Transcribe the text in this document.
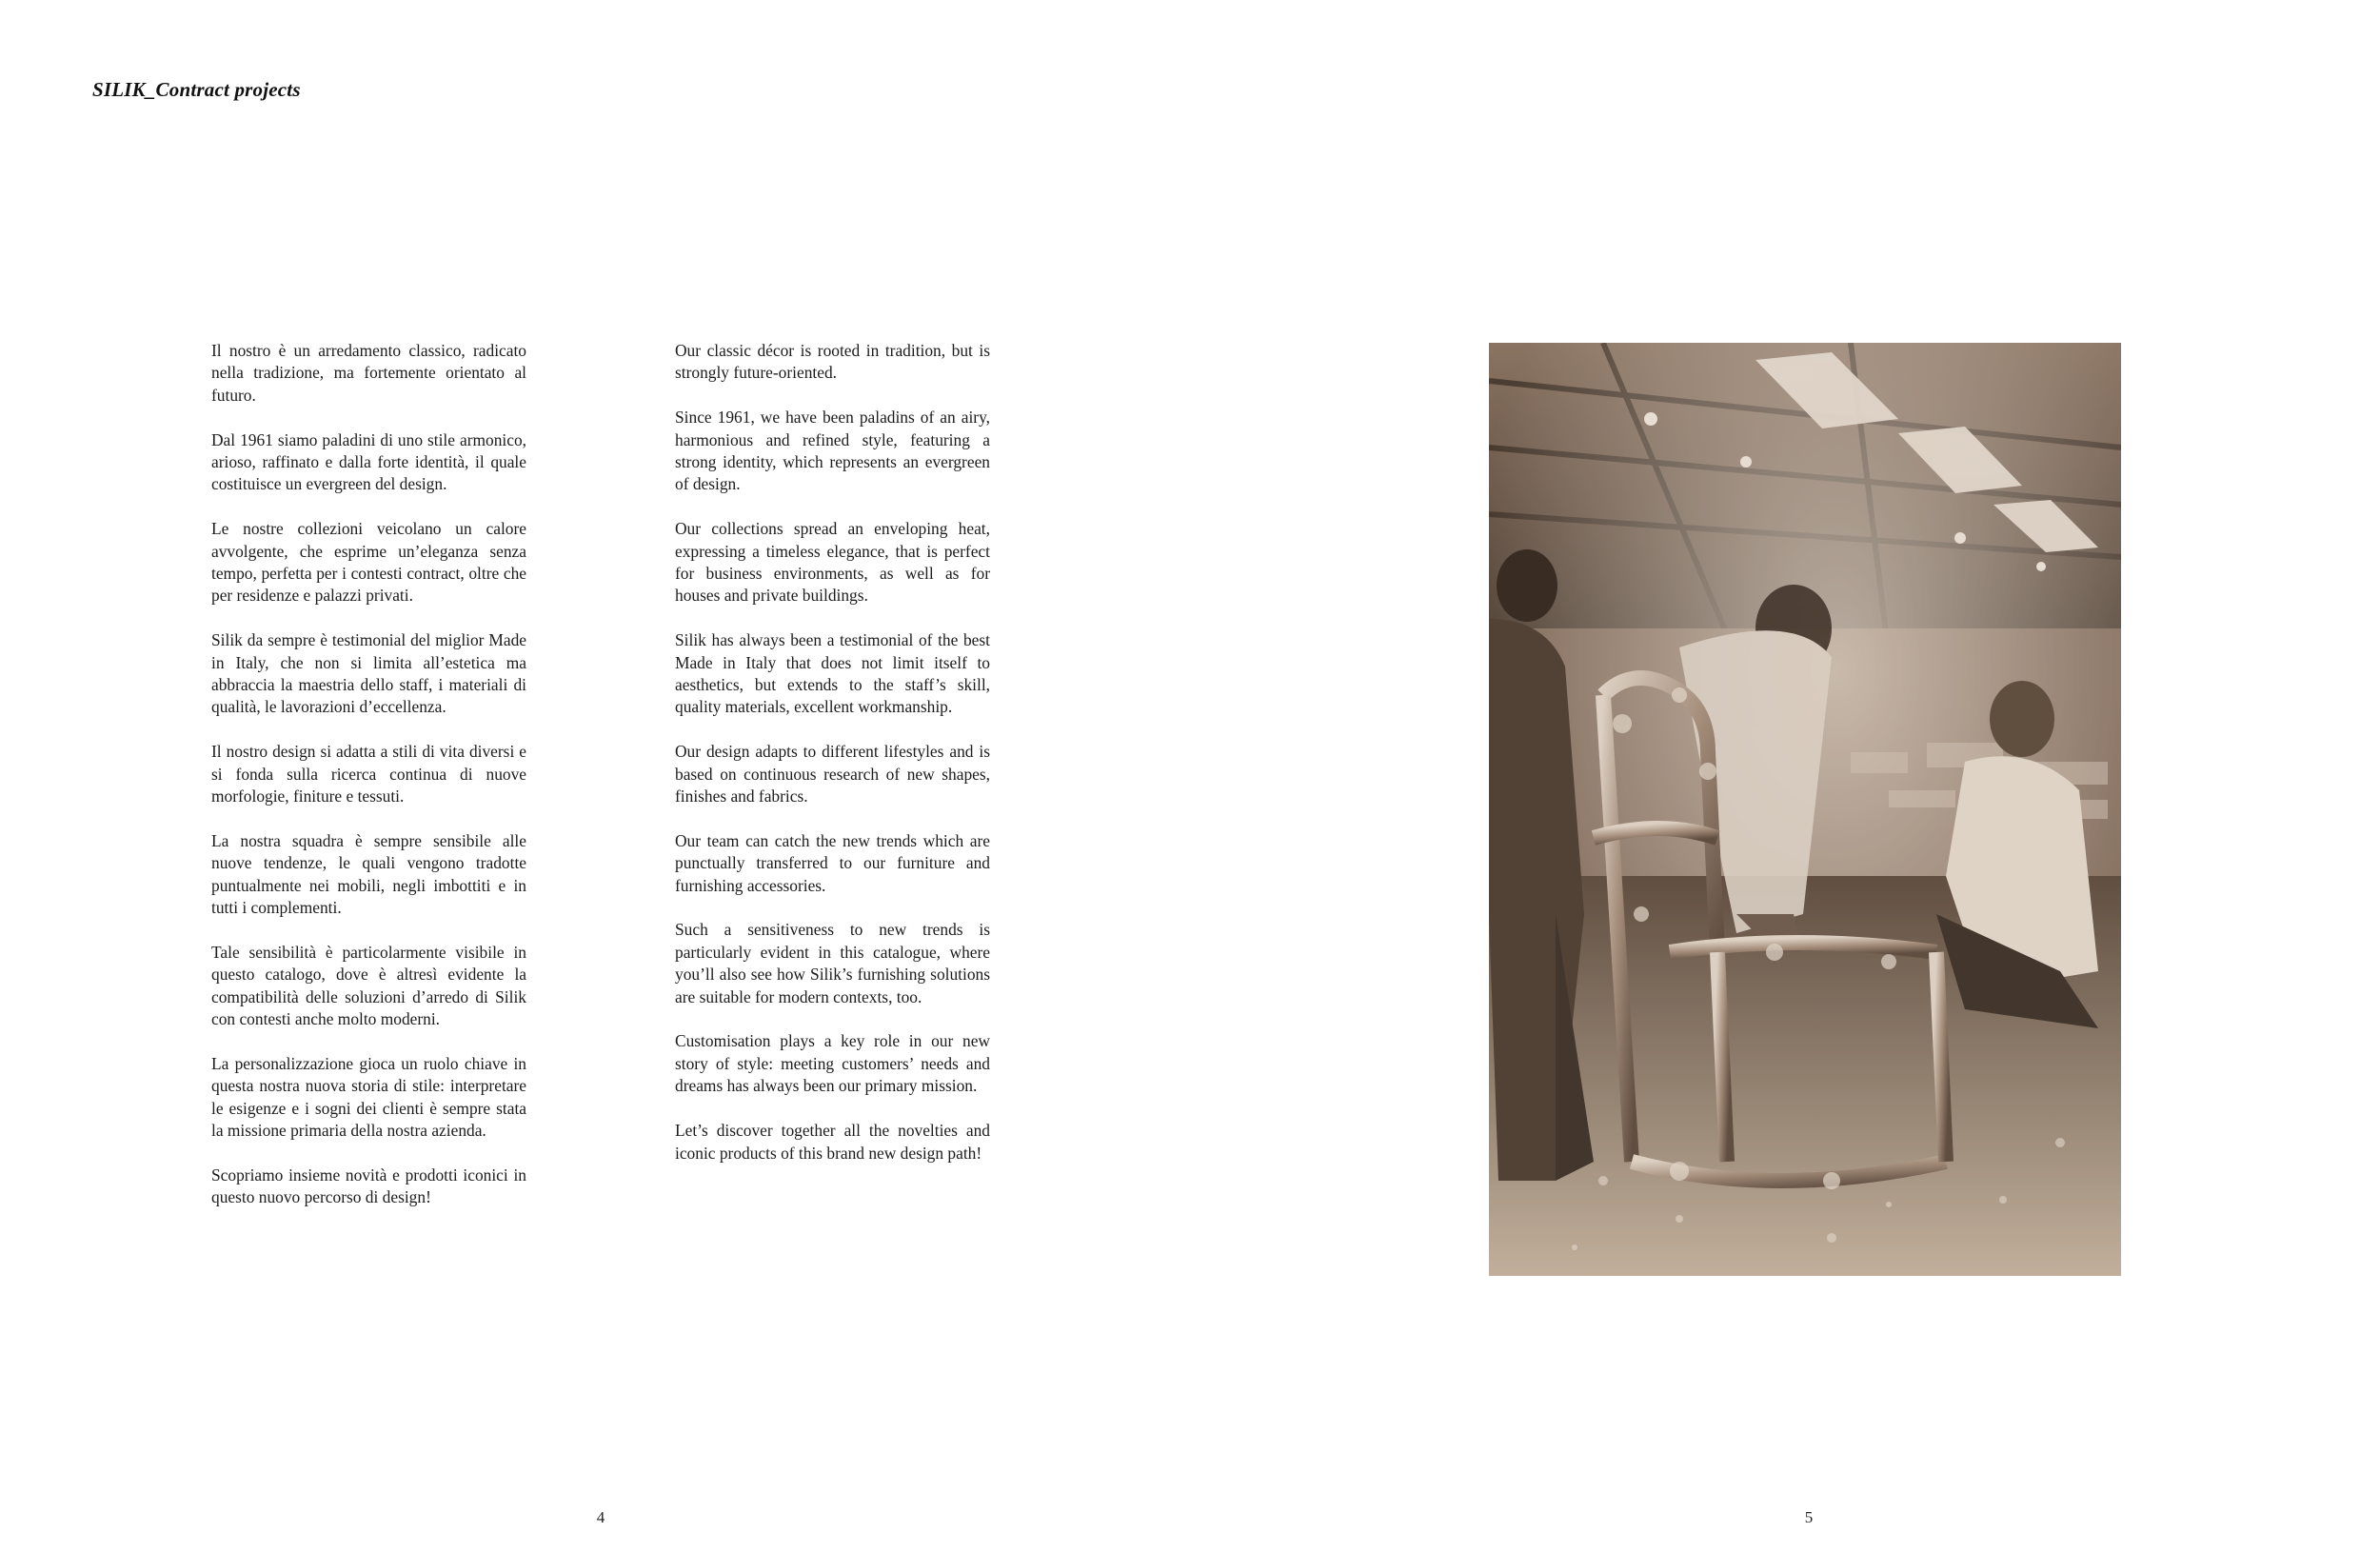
SILIK_Contract projects

Il nostro è un arredamento classico, radicato nella tradizione, ma fortemente orientato al futuro.

Dal 1961 siamo paladini di uno stile armonico, arioso, raffinato e dalla forte identità, il quale costituisce un evergreen del design.

Le nostre collezioni veicolano un calore avvolgente, che esprime un’eleganza senza tempo, perfetta per i contesti contract, oltre che per residenze e palazzi privati.

Silik da sempre è testimonial del miglior Made in Italy, che non si limita all’estetica ma abbraccia la maestria dello staff, i materiali di qualità, le lavorazioni d’eccellenza.

Il nostro design si adatta a stili di vita diversi e si fonda sulla ricerca continua di nuove morfologie, finiture e tessuti.

La nostra squadra è sempre sensibile alle nuove tendenze, le quali vengono tradotte puntualmente nei mobili, negli imbottiti e in tutti i complementi.

Tale sensibilità è particolarmente visibile in questo catalogo, dove è altresì evidente la compatibilità delle soluzioni d’arredo di Silik con contesti anche molto moderni.

La personalizzazione gioca un ruolo chiave in questa nostra nuova storia di stile: interpretare le esigenze e i sogni dei clienti è sempre stata la missione primaria della nostra azienda.

Scopriamo insieme novità e prodotti iconici in questo nuovo percorso di design!

Our classic décor is rooted in tradition, but is strongly future-oriented.

Since 1961, we have been paladins of an airy, harmonious and refined style, featuring a strong identity, which represents an evergreen of design.

Our collections spread an enveloping heat, expressing a timeless elegance, that is perfect for business environments, as well as for houses and private buildings.

Silik has always been a testimonial of the best Made in Italy that does not limit itself to aesthetics, but extends to the staff’s skill, quality materials, excellent workmanship.

Our design adapts to different lifestyles and is based on continuous research of new shapes, finishes and fabrics.

Our team can catch the new trends which are punctually transferred to our furniture and furnishing accessories.

Such a sensitiveness to new trends is particularly evident in this catalogue, where you’ll also see how Silik’s furnishing solutions are suitable for modern contexts, too.

Customisation plays a key role in our new story of style: meeting customers’ needs and dreams has always been our primary mission.

Let’s discover together all the novelties and iconic products of this brand new design path!

4	5
